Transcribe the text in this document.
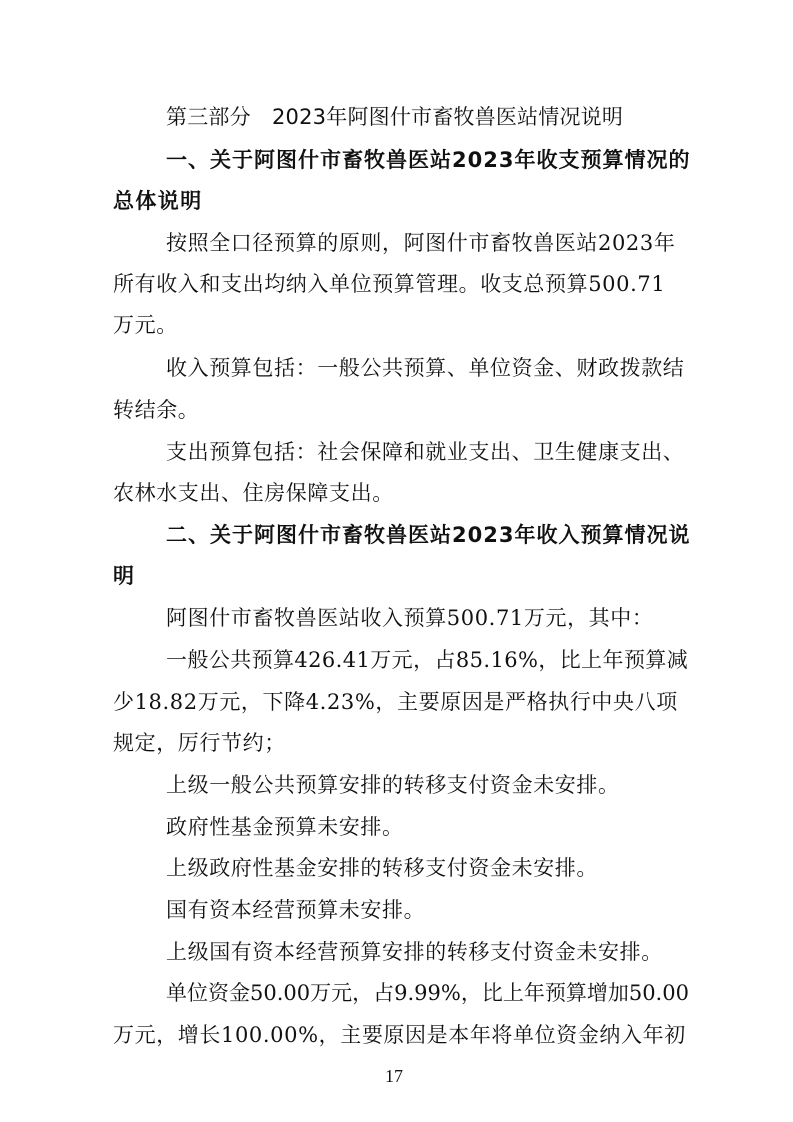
第三部分　2023年阿图什市畜牧兽医站情况说明
一、关于阿图什市畜牧兽医站2023年收支预算情况的
总体说明
按照全口径预算的原则，阿图什市畜牧兽医站2023年
所有收入和支出均纳入单位预算管理。收支总预算500.71
万元。
收入预算包括：一般公共预算、单位资金、财政拨款结
转结余。
支出预算包括：社会保障和就业支出、卫生健康支出、
农林水支出、住房保障支出。
二、关于阿图什市畜牧兽医站2023年收入预算情况说
明
阿图什市畜牧兽医站收入预算500.71万元，其中：
一般公共预算426.41万元，占85.16%，比上年预算减
少18.82万元，下降4.23%，主要原因是严格执行中央八项
规定，厉行节约；
上级一般公共预算安排的转移支付资金未安排。
政府性基金预算未安排。
上级政府性基金安排的转移支付资金未安排。
国有资本经营预算未安排。
上级国有资本经营预算安排的转移支付资金未安排。
单位资金50.00万元，占9.99%，比上年预算增加50.00
万元，增长100.00%，主要原因是本年将单位资金纳入年初
17
